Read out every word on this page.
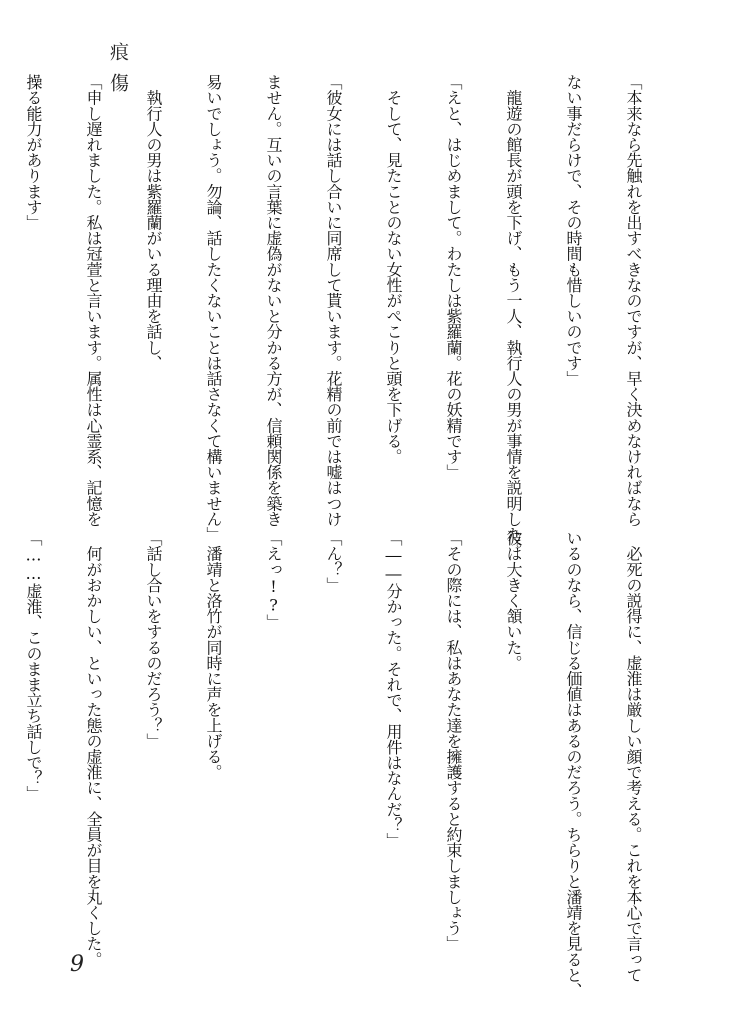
傷
痕

「本来なら先触れを出すべきなのですが、早く決めなければなら

ない事だらけで、その時間も惜しいのです」

　龍遊の館長が頭を下げ、もう一人、執行人の男が事情を説明した。

「えと、はじめまして。わたしは紫羅蘭。花の妖精です」

　そして、見たことのない女性がぺこりと頭を下げる。

「彼女には話し合いに同席して貰います。花精の前では嘘はつけ

ません。互いの言葉に虚偽がないと分かる方が、信頼関係を築き

易いでしょう。勿論、話したくないことは話さなくて構いません」

　執行人の男は紫羅蘭がいる理由を話し、

「申し遅れました。私は冠萱と言います。属性は心霊系、記憶を

操る能力があります」

　必死の説得に、虚淮は厳しい顔で考える。これを本心で言って

いるのなら、信じる価値はあるのだろう。ちらりと潘靖を見ると、

彼は大きく頷いた。

「その際には、私はあなた達を擁護すると約束しましょう」

「――分かった。それで、用件はなんだ？」

「ん？」

「えっ!?」

　潘靖と洛竹が同時に声を上げる。

「話し合いをするのだろう？」

　何がおかしい、といった態の虚淮に、全員が目を丸くした。

「……虚淮、このまま立ち話しで？」

9
